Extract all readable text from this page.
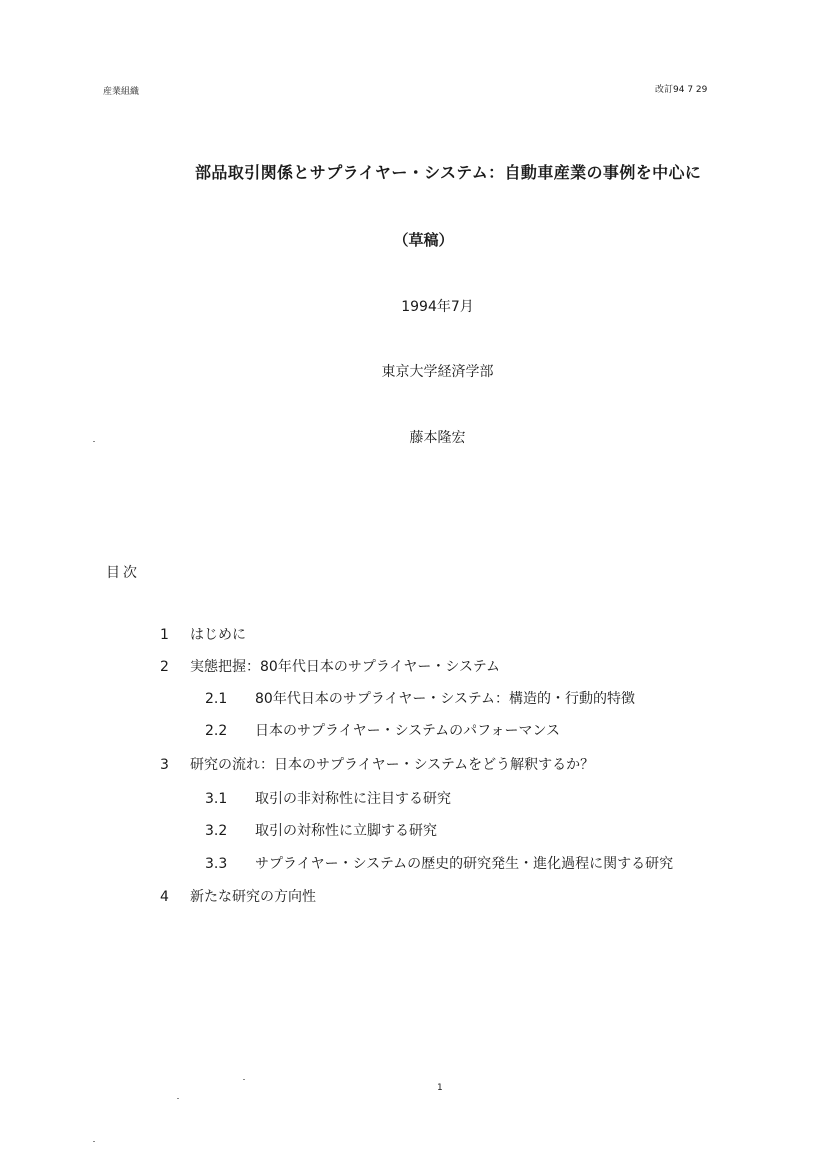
産業組織	改訂94 7 29
部品取引関係とサプライヤー・システム：自動車産業の事例を中心に
（草稿）
1994年7月
東京大学経済学部
藤本隆宏
目次
1	はじめに
2	実態把握：80年代日本のサプライヤー・システム
2.1	80年代日本のサプライヤー・システム：構造的・行動的特徴
2.2	日本のサプライヤー・システムのパフォーマンス
3	研究の流れ：日本のサプライヤー・システムをどう解釈するか？
3.1	取引の非対称性に注目する研究
3.2	取引の対称性に立脚する研究
3.3	サプライヤー・システムの歴史的研究発生・進化過程に関する研究
4	新たな研究の方向性
1
